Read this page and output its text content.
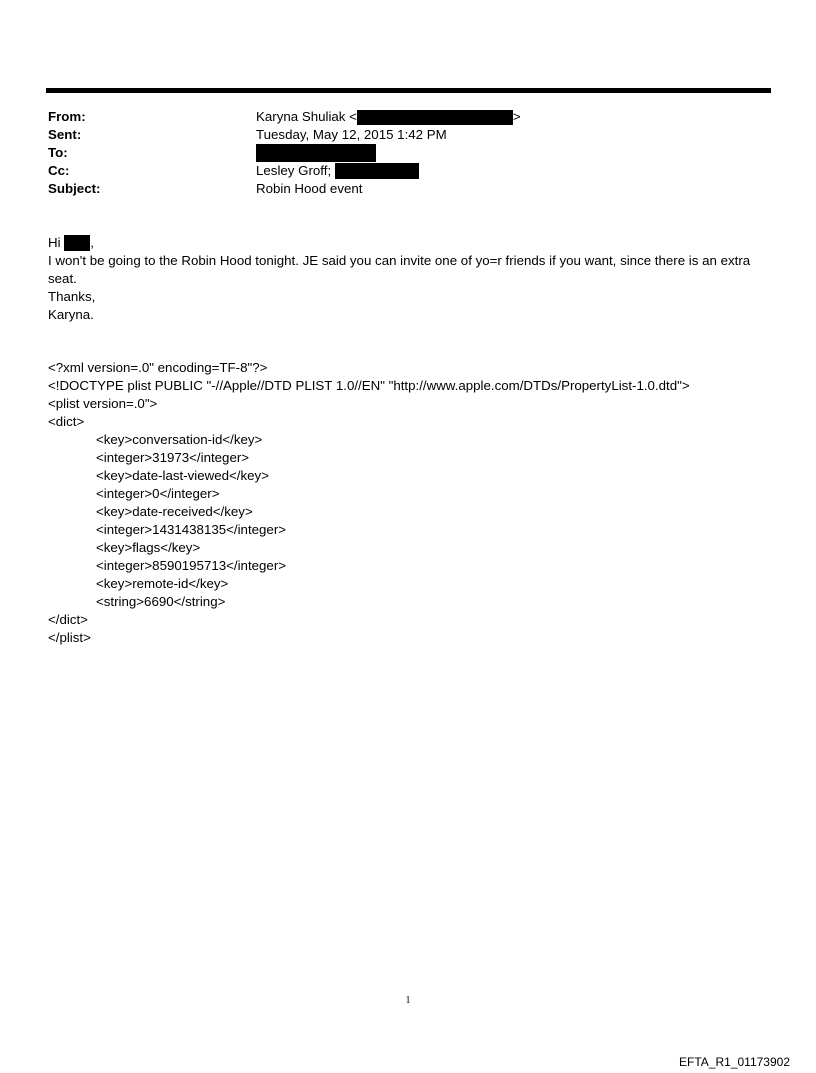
From:	Karyna Shuliak <	>
Sent:	Tuesday, May 12, 2015 1:42 PM
To:
Cc:	Lesley Groff;
Subject:	Robin Hood event

Hi ,

I won't be going to the Robin Hood tonight. JE said you can invite one of yo=r friends if you want, since there is an extra

seat.

Thanks,

Karyna.

<?xml version=.0" encoding=TF-8"?>

<!DOCTYPE plist PUBLIC "-//Apple//DTD PLIST 1.0//EN" "http://www.apple.com/DTDs/PropertyList-1.0.dtd">

<plist version=.0">

<dict>

<key>conversation-id</key>

<integer>31973</integer>

<key>date-last-viewed</key>

<integer>0</integer>

<key>date-received</key>

<integer>1431438135</integer>

<key>flags</key>

<integer>8590195713</integer>

<key>remote-id</key>

<string>6690</string>

</dict>

</plist>

1
EFTA_R1_01173902
